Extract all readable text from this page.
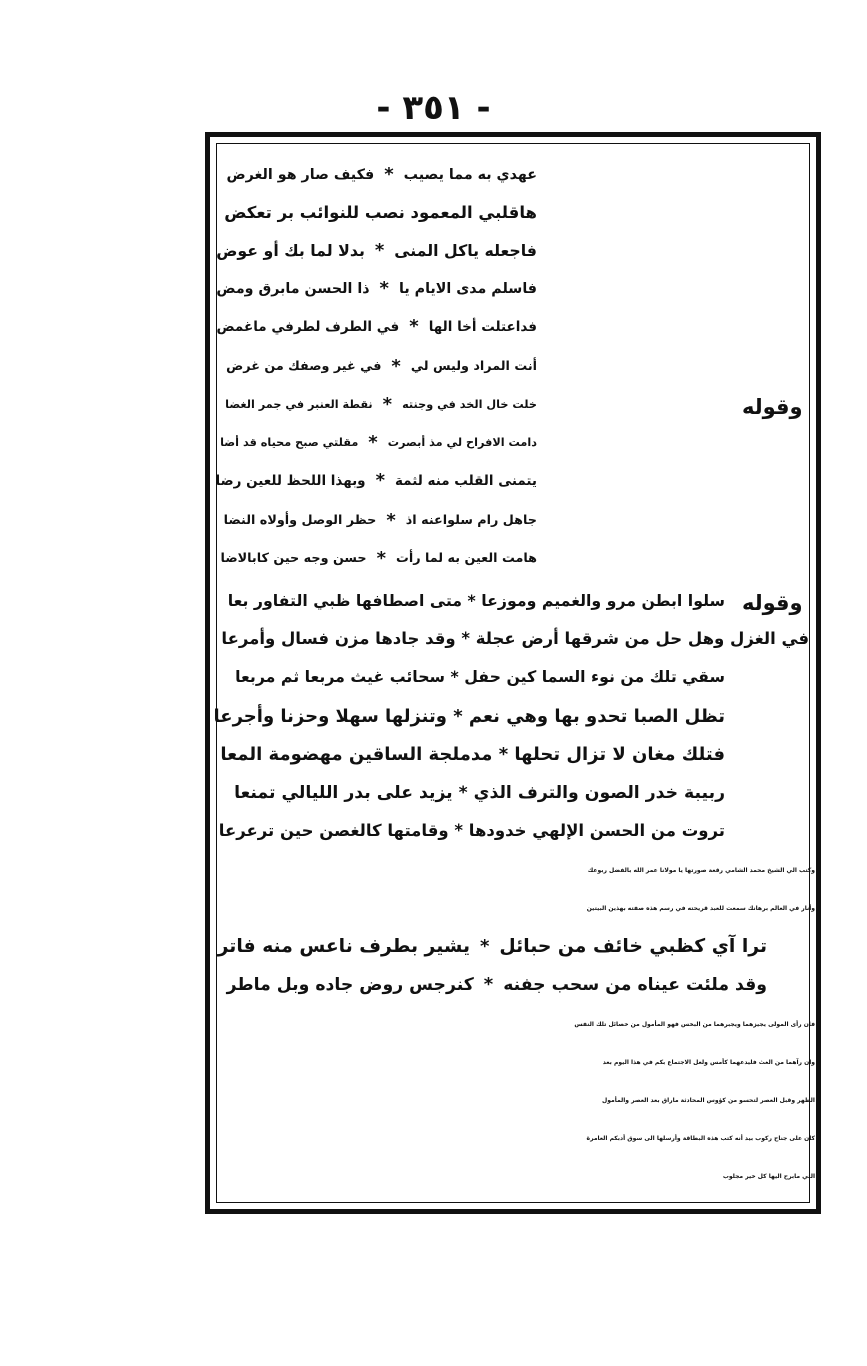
- ٣٥١ -
عهدي به مما يصيب
*
فكيف صار هو الغرض
هاقلبي المعمود نصب للنوائب بر تعكض
فاجعله ياكل المنى
*
بدلا لما بك أو عوض
فاسلم مدى الايام يا
*
ذا الحسن مابرق ومض
فداعتلت أخا الها
*
في الطرف لطرفي ماغمض
أنت المراد وليس لي
*
في غير وصفك من غرض
وقوله
خلت خال الخد في وجنته
*
نقطة العنبر في جمر الغضا
دامت الافراح لي مذ أبصرت
*
مقلتي صبح محياه قد أضا
يتمنى القلب منه لثمة
*
وبهذا اللحظ للعين رضا
جاهل رام سلواعنه اذ
*
حظر الوصل وأولاه النضا
هامت العين به لما رأت
*
حسن وجه حين كابالاضا
وقوله
سلوا ابطن مرو والغميم وموزعا * متى اصطافها ظبي التفاور بعا
في الغزل وهل حل من شرقها أرض عجلة * وقد جادها مزن فسال وأمرعا
سقي تلك من نوء السما كين حفل * سحائب غيث مربعا ثم مربعا
تظل الصبا تحدو بها وهي نعم * وتنزلها سهلا وحزنا وأجرعا
فتلك مغان لا تزال تحلها * مدملجة الساقين مهضومة المعا
ربيبة خدر الصون والترف الذي * يزيد على بدر الليالي تمنعا
تروت من الحسن الإلهي خدودها * وقامتها كالغصن حين ترعرعا
وكتب الي الشيخ محمد الشامي رقعة صورتها يا مولانا عمر الله بالفضل ربوعك
وأنار في العالم برهانك سمعت للعبد قريحته في رسم هذه صفته بهذين البيتين
ترا آي كظبي خائف من حبائل
*
يشير بطرف ناعس منه فاتر
وقد ملئت عيناه من سحب جفنه
*
كنرجس روض جاده وبل ماطر
فان رأى المولى يجيزهما ويجبرهما من البخس فهو المأمول من خصائل تلك النفس
وان رآهما من الغث فليدعهما كأمس ولعل الاجتماع بكم في هذا اليوم بعد
الظهر وقبل العصر لتحسو من كؤوس المحادثة ماراق بعد العصر والمأمول
كان على جناح ركوب بيد أنه كتب هذه البطاقة وأرسلها الى سوق أدبكم العامرة
التي مابرح اليها كل خير مجلوب
